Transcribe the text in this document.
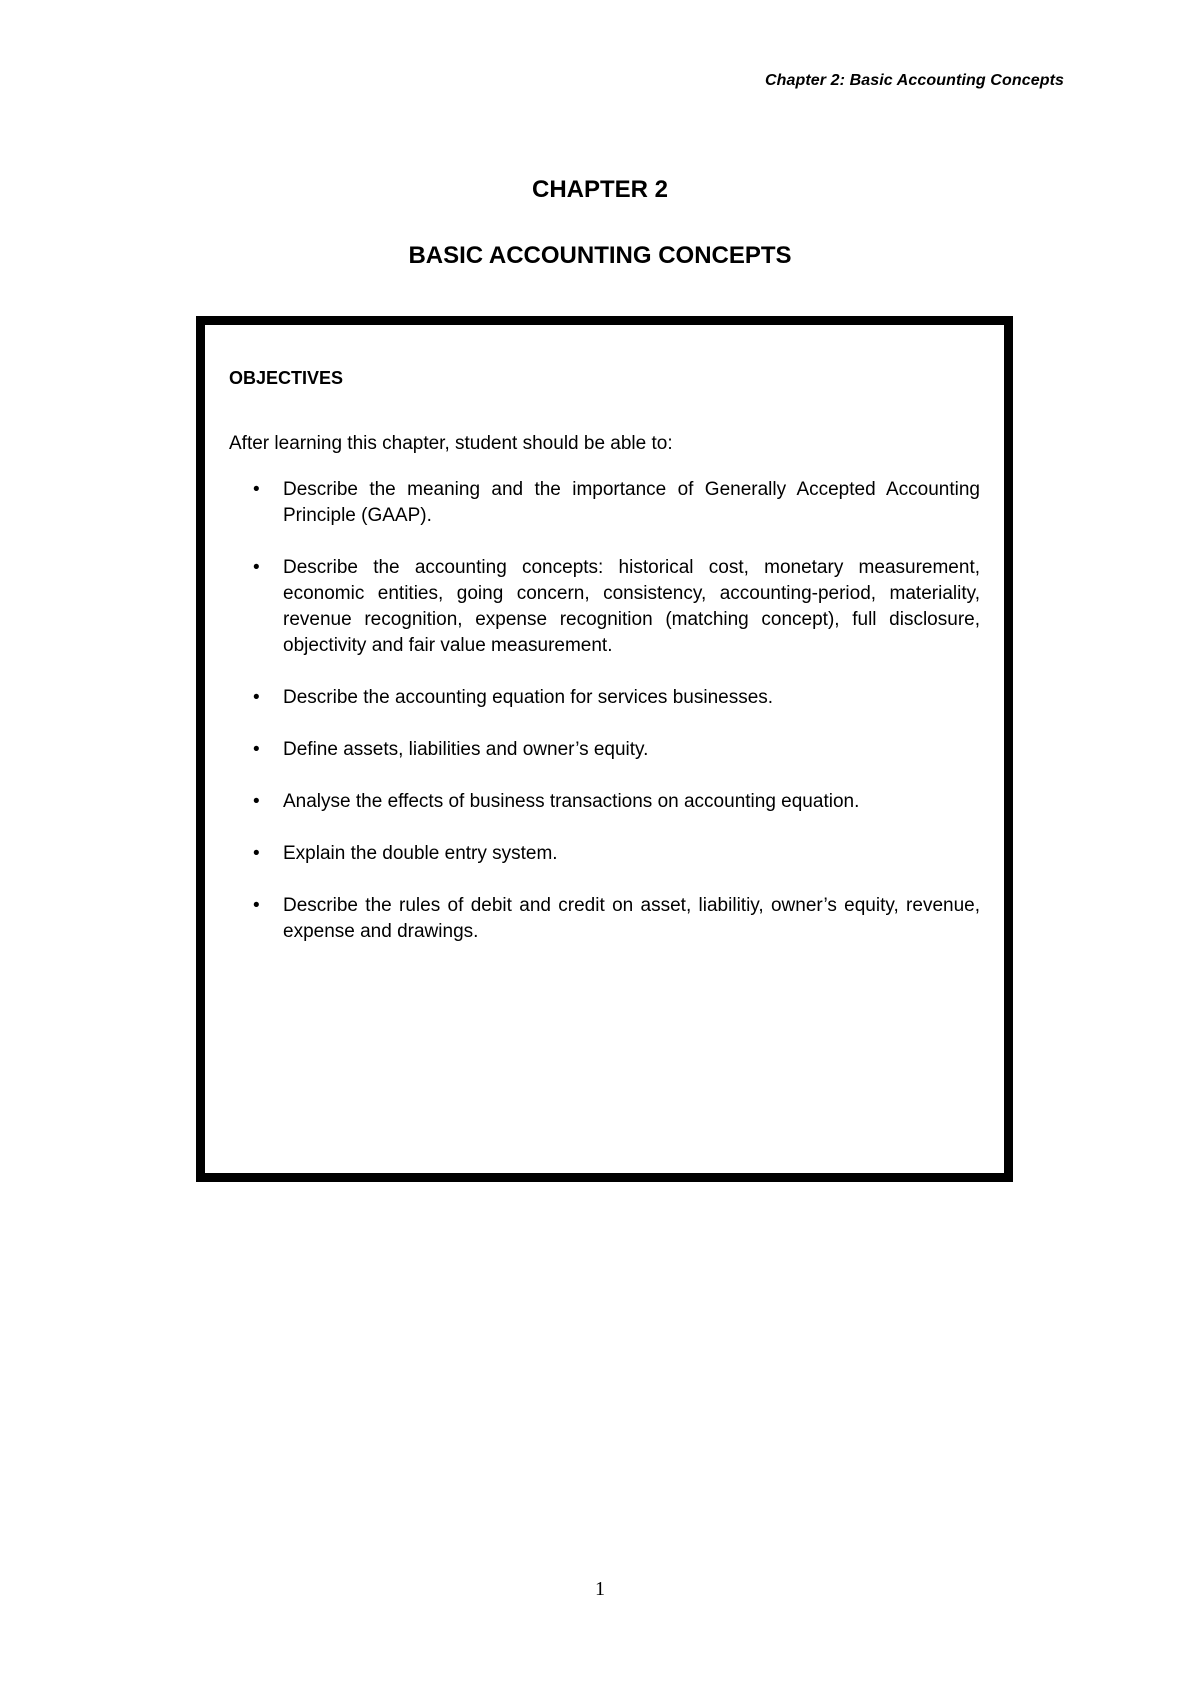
Chapter 2: Basic Accounting Concepts
CHAPTER 2
BASIC ACCOUNTING CONCEPTS
OBJECTIVES
After learning this chapter, student should be able to:
•	Describe the meaning and the importance of Generally Accepted Accounting Principle (GAAP).
•	Describe the accounting concepts: historical cost, monetary measurement, economic entities, going concern, consistency, accounting-period, materiality, revenue recognition, expense recognition (matching concept), full disclosure, objectivity and fair value measurement.
•	Describe the accounting equation for services businesses.
•	Define assets, liabilities and owner’s equity.
•	Analyse the effects of business transactions on accounting equation.
•	Explain the double entry system.
•	Describe the rules of debit and credit on asset, liabilitiy, owner’s equity, revenue, expense and drawings.
1
